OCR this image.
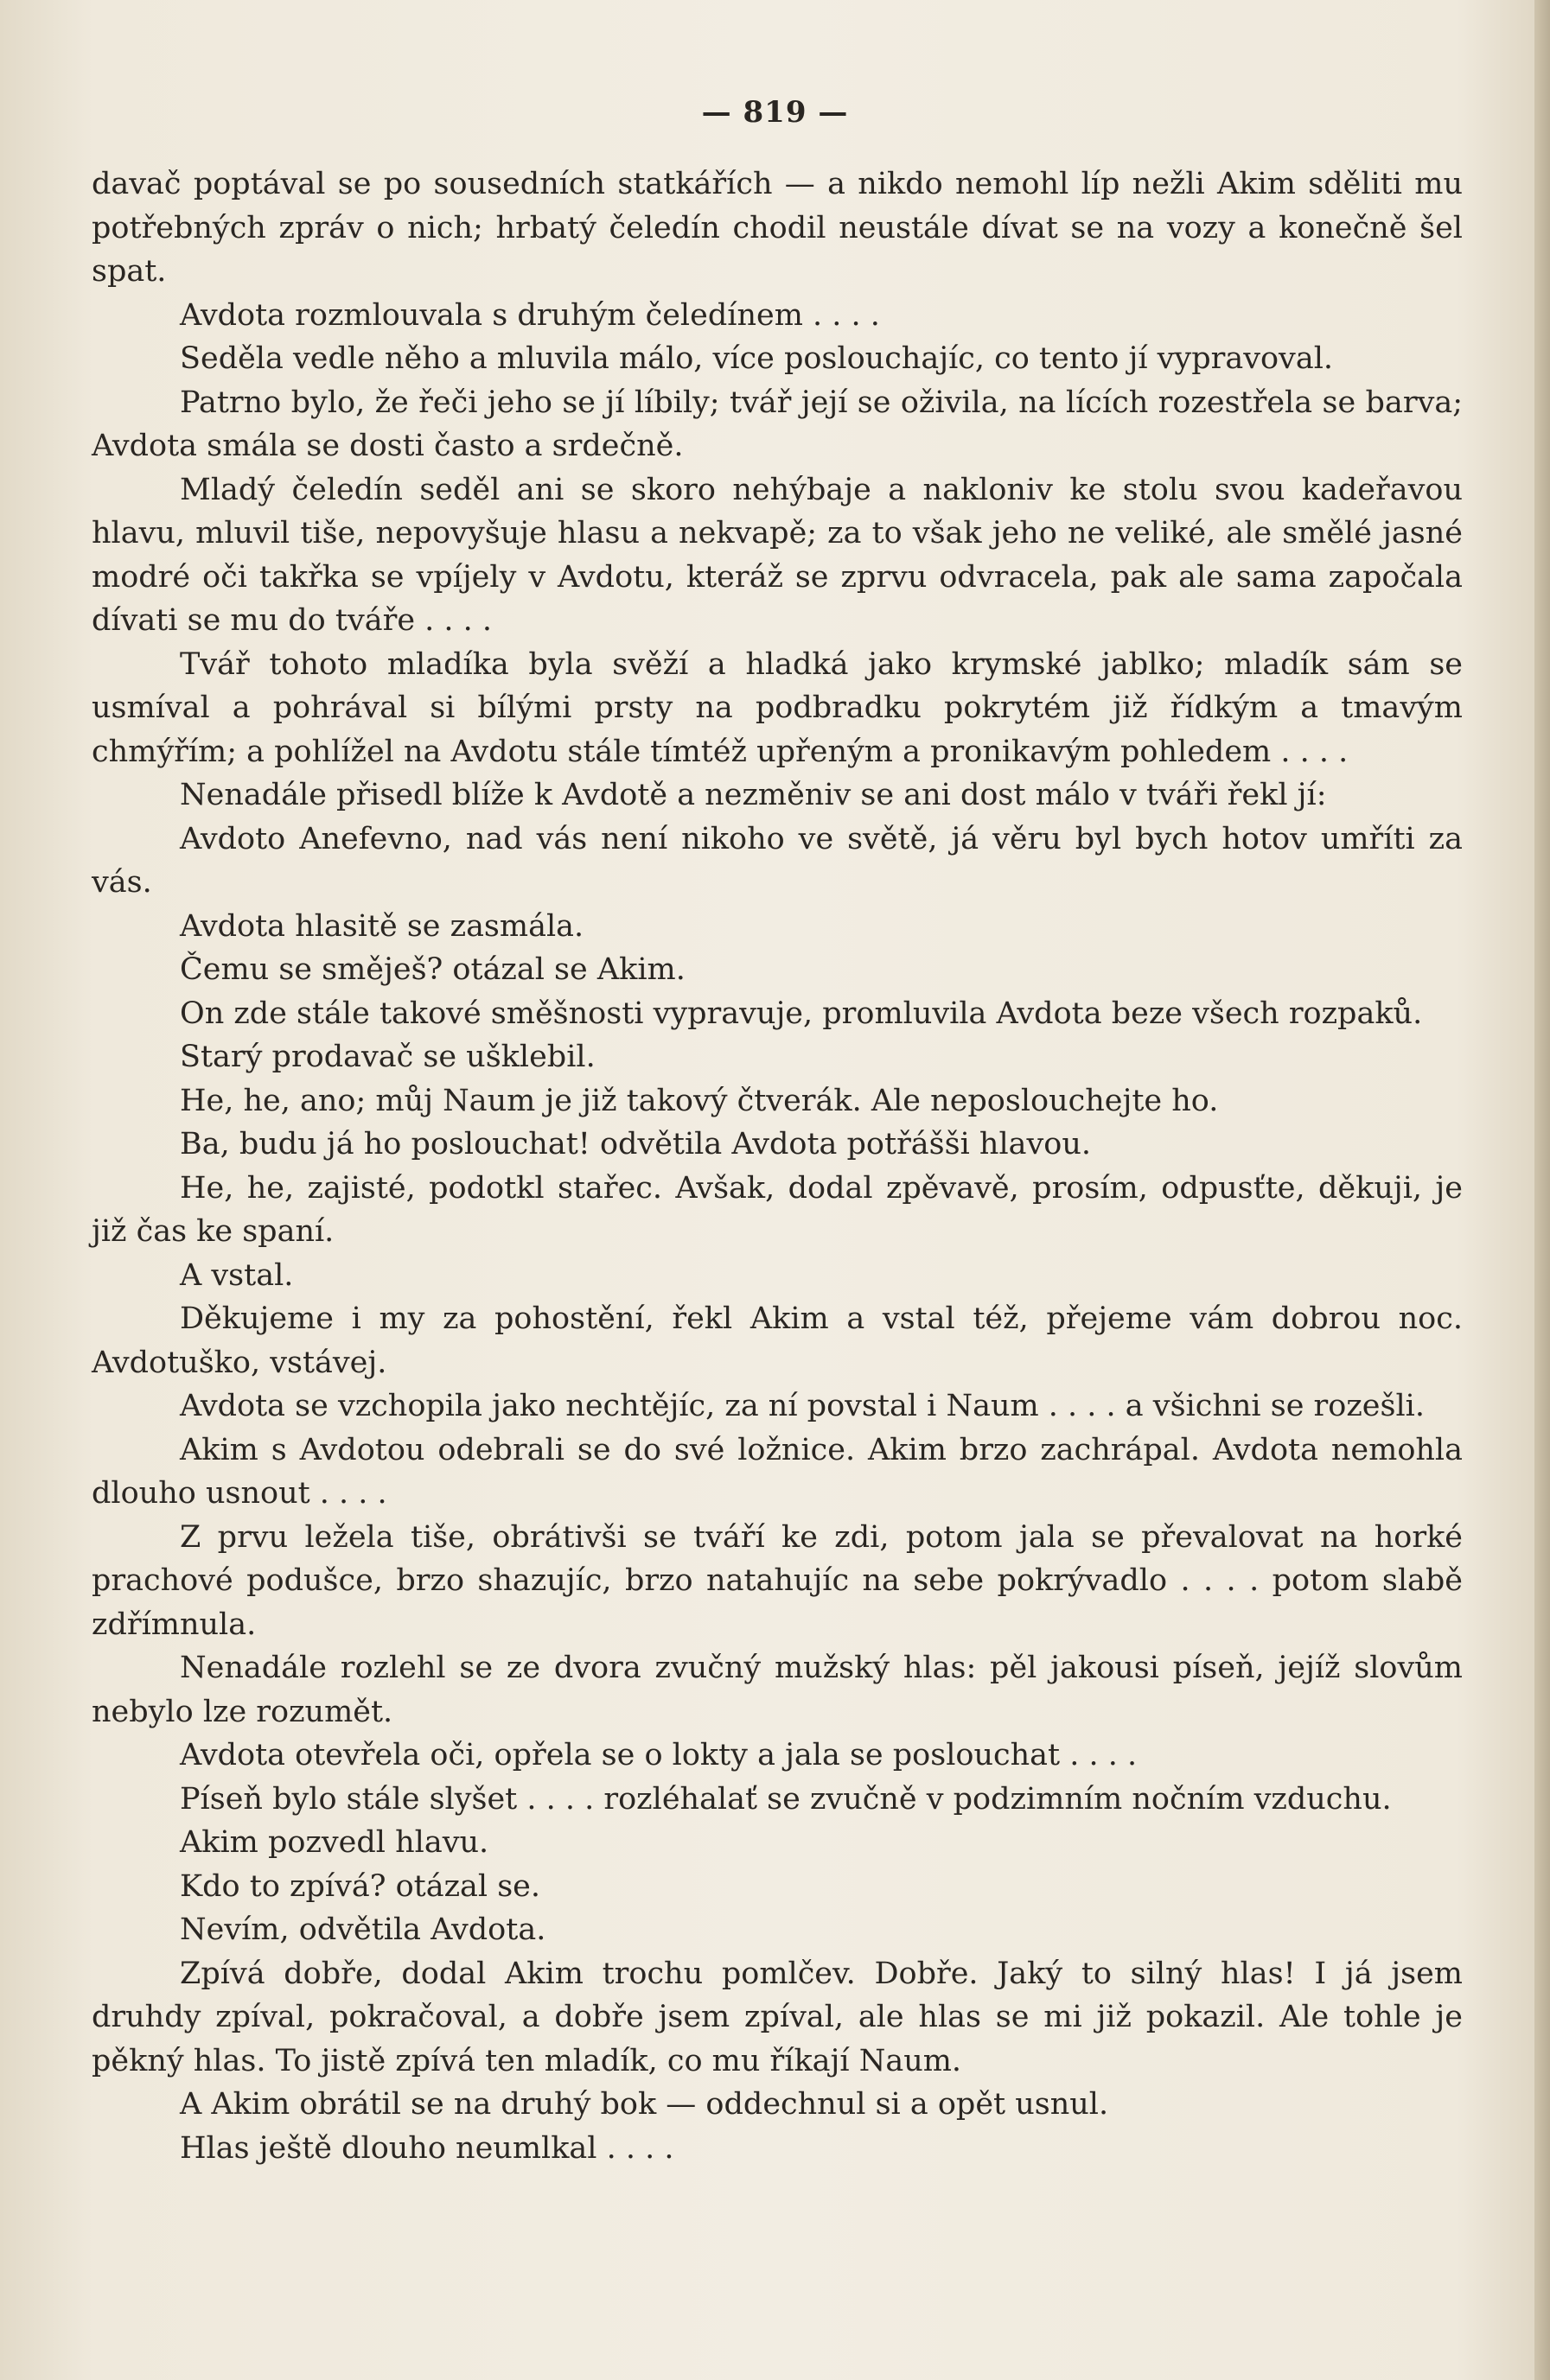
— 819 —

davač poptával se po sousedních statkářích — a nikdo nemohl líp nežli Akim sděliti mu potřebných zpráv o nich; hrbatý čeledín chodil neustále dívat se na vozy a konečně šel spat.

Avdota rozmlouvala s druhým čeledínem . . . .

Seděla vedle něho a mluvila málo, více poslouchajíc, co tento jí vypravoval.

Patrno bylo, že řeči jeho se jí líbily; tvář její se oživila, na lících rozestřela se barva; Avdota smála se dosti často a srdečně.

Mladý čeledín seděl ani se skoro nehýbaje a nakloniv ke stolu svou kadeřavou hlavu, mluvil tiše, nepovyšuje hlasu a nekvapě; za to však jeho ne veliké, ale smělé jasné modré oči takřka se vpíjely v Avdotu, kteráž se zprvu odvracela, pak ale sama započala dívati se mu do tváře . . . .

Tvář tohoto mladíka byla svěží a hladká jako krymské jablko; mladík sám se usmíval a pohrával si bílými prsty na podbradku pokrytém již řídkým a tmavým chmýřím; a pohlížel na Avdotu stále tímtéž upřeným a pronikavým pohledem . . . .

Nenadále přisedl blíže k Avdotě a nezměniv se ani dost málo v tváři řekl jí:

Avdoto Anefevno, nad vás není nikoho ve světě, já věru byl bych hotov umříti za vás.

Avdota hlasitě se zasmála.

Čemu se směješ? otázal se Akim.

On zde stále takové směšnosti vypravuje, promluvila Avdota beze všech rozpaků.

Starý prodavač se ušklebil.

He, he, ano; můj Naum je již takový čtverák. Ale neposlouchejte ho.

Ba, budu já ho poslouchat! odvětila Avdota potřášši hlavou.

He, he, zajisté, podotkl stařec. Avšak, dodal zpěvavě, prosím, odpusťte, děkuji, je již čas ke spaní.

A vstal.

Děkujeme i my za pohostění, řekl Akim a vstal též, přejeme vám dobrou noc. Avdotuško, vstávej.

Avdota se vzchopila jako nechtějíc, za ní povstal i Naum . . . . a všichni se rozešli.

Akim s Avdotou odebrali se do své ložnice. Akim brzo zachrápal. Avdota nemohla dlouho usnout . . . .

Z prvu ležela tiše, obrátivši se tváří ke zdi, potom jala se převalovat na horké prachové podušce, brzo shazujíc, brzo natahujíc na sebe pokrývadlo . . . . potom slabě zdřímnula.

Nenadále rozlehl se ze dvora zvučný mužský hlas: pěl jakousi píseň, jejíž slovům nebylo lze rozumět.

Avdota otevřela oči, opřela se o lokty a jala se poslouchat . . . .

Píseň bylo stále slyšet . . . . rozléhalať se zvučně v podzimním nočním vzduchu.

Akim pozvedl hlavu.

Kdo to zpívá? otázal se.

Nevím, odvětila Avdota.

Zpívá dobře, dodal Akim trochu pomlčev. Dobře. Jaký to silný hlas! I já jsem druhdy zpíval, pokračoval, a dobře jsem zpíval, ale hlas se mi již pokazil. Ale tohle je pěkný hlas. To jistě zpívá ten mladík, co mu říkají Naum.

A Akim obrátil se na druhý bok — oddechnul si a opět usnul.

Hlas ještě dlouho neumlkal . . . .
